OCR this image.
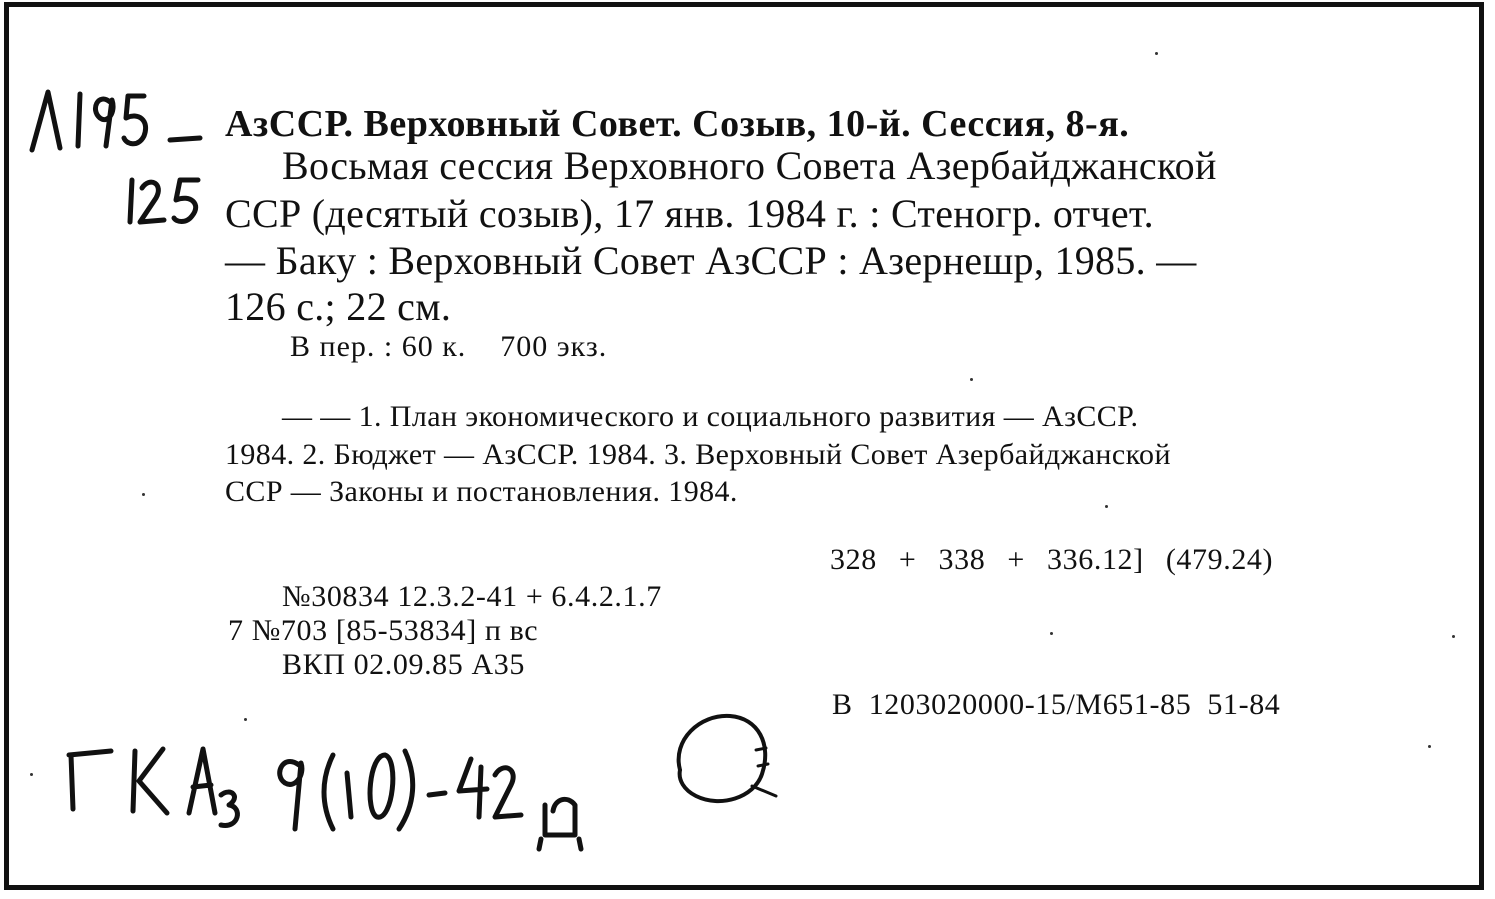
АзССР. Верховный Совет. Созыв, 10-й. Сессия, 8-я.
Восьмая сессия Верховного Совета Азербайджанской
ССР (десятый созыв), 17 янв. 1984 г. : Стеногр. отчет.
— Баку : Верховный Совет АзССР : Азернешр, 1985. —
126 с.; 22 см.
В пер. : 60 к.    700 экз.
— — 1. План экономического и социального развития — АзССР.
1984. 2. Бюджет — АзССР. 1984. 3. Верховный Совет Азербайджанской
ССР — Законы и постановления. 1984.
328 + 338 + 336.12] (479.24)
№30834 12.3.2-41 + 6.4.2.1.7
7 №703 [85-53834] п вс
ВКП 02.09.85 А35
В 1203020000-15/М651-85 51-84
